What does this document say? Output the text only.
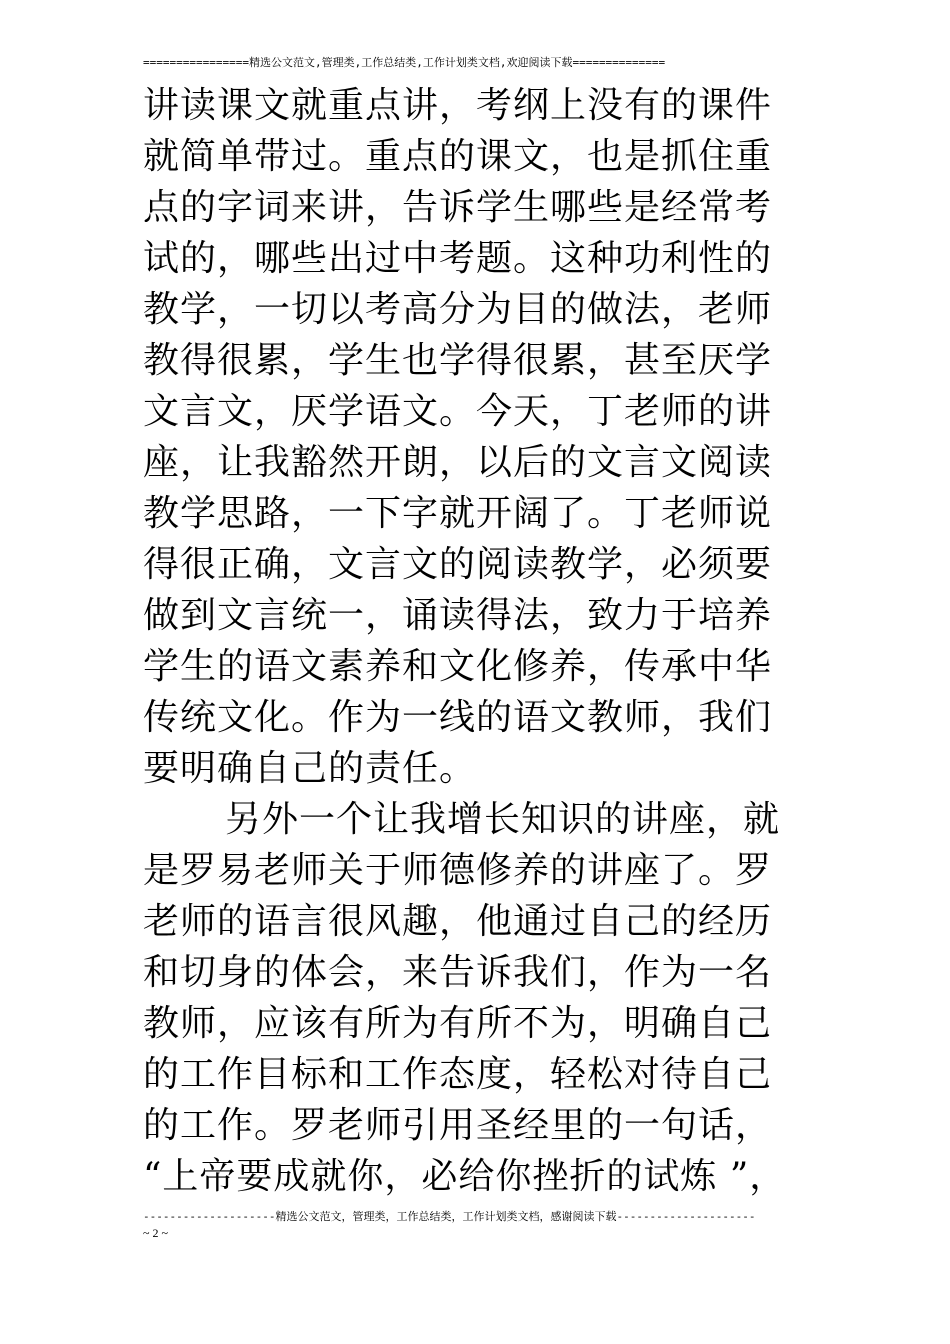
================精选公文范文,管理类,工作总结类,工作计划类文档,欢迎阅读下载==============
讲读课文就重点讲，考纲上没有的课件
就简单带过。重点的课文，也是抓住重
点的字词来讲，告诉学生哪些是经常考
试的，哪些出过中考题。这种功利性的
教学，一切以考高分为目的做法，老师
教得很累，学生也学得很累，甚至厌学
文言文，厌学语文。今天，丁老师的讲
座，让我豁然开朗，以后的文言文阅读
教学思路，一下字就开阔了。丁老师说
得很正确，文言文的阅读教学，必须要
做到文言统一，诵读得法，致力于培养
学生的语文素养和文化修养，传承中华
传统文化。作为一线的语文教师，我们
要明确自己的责任。
另外一个让我增长知识的讲座，就
是罗易老师关于师德修养的讲座了。罗
老师的语言很风趣，他通过自己的经历
和切身的体会，来告诉我们，作为一名
教师，应该有所为有所不为，明确自己
的工作目标和工作态度，轻松对待自己
的工作。罗老师引用圣经里的一句话，
“上帝要成就你，必给你挫折的试炼 ”，
--------------------精选公文范文，管理类，工作总结类，工作计划类文档，感谢阅读下载---------------------
~ 2 ~
